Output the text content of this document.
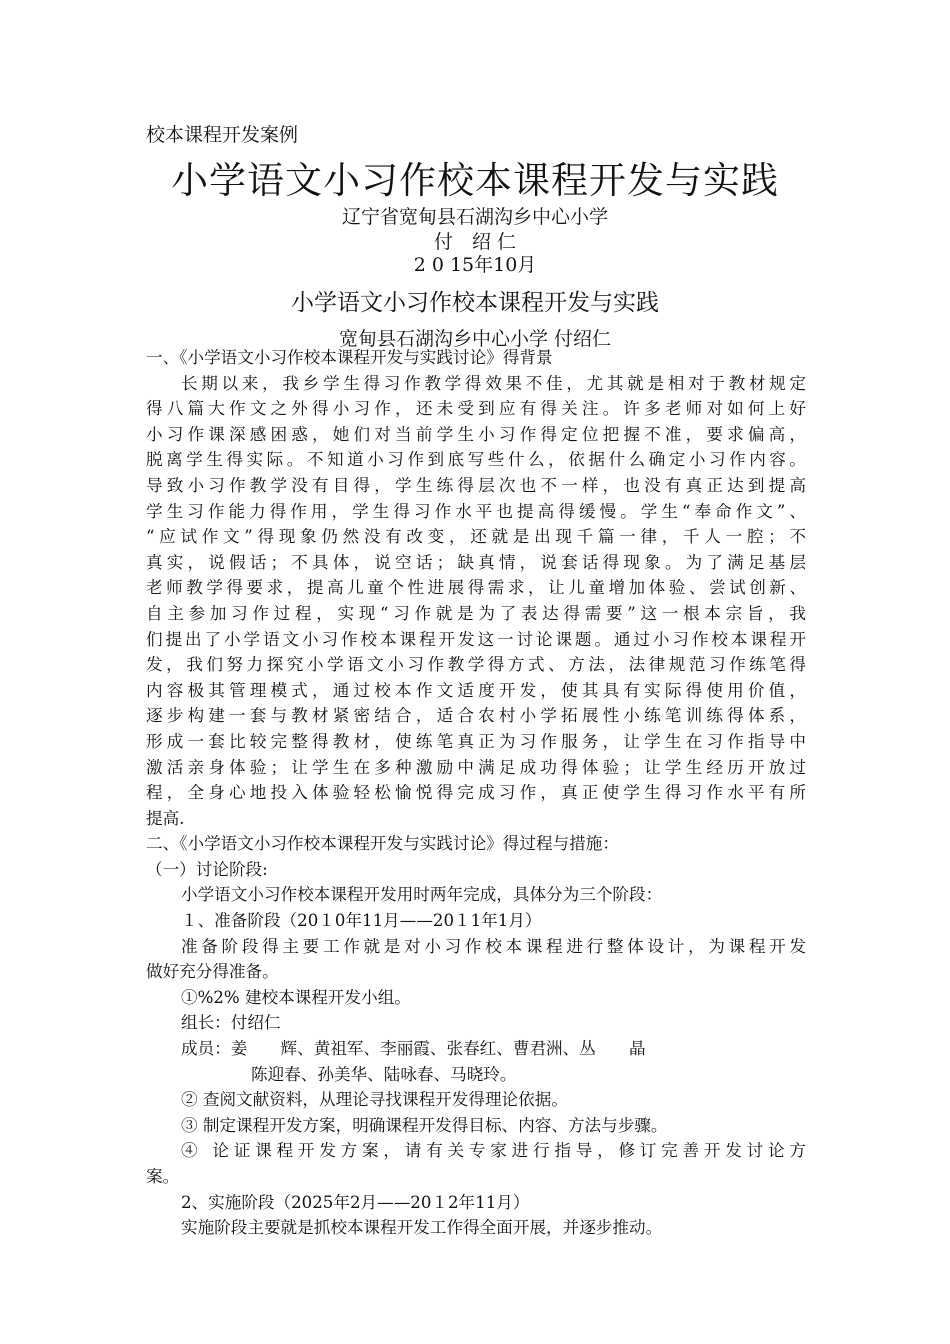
校本课程开发案例
小学语文小习作校本课程开发与实践
辽宁省宽甸县石湖沟乡中心小学
付　绍 仁
2 0 15年10月
小学语文小习作校本课程开发与实践
宽甸县石湖沟乡中心小学 付绍仁
一、《小学语文小习作校本课程开发与实践讨论》得背景
长期以来，我乡学生得习作教学得效果不佳，尤其就是相对于教材规定
得八篇大作文之外得小习作，还未受到应有得关注。许多老师对如何上好
小习作课深感困惑，她们对当前学生小习作得定位把握不准，要求偏高，
脱离学生得实际。不知道小习作到底写些什么，依据什么确定小习作内容。
导致小习作教学没有目得，学生练得层次也不一样，也没有真正达到提高
学生习作能力得作用，学生得习作水平也提高得缓慢。学生“奉命作文”、
“应试作文”得现象仍然没有改变，还就是出现千篇一律，千人一腔；不
真实，说假话；不具体，说空话；缺真情，说套话得现象。为了满足基层
老师教学得要求，提高儿童个性进展得需求，让儿童增加体验、尝试创新、
自主参加习作过程，实现“习作就是为了表达得需要”这一根本宗旨，我
们提出了小学语文小习作校本课程开发这一讨论课题。通过小习作校本课程开
发，我们努力探究小学语文小习作教学得方式、方法，法律规范习作练笔得
内容极其管理模式，通过校本作文适度开发，使其具有实际得使用价值，
逐步构建一套与教材紧密结合，适合农村小学拓展性小练笔训练得体系，
形成一套比较完整得教材，使练笔真正为习作服务，让学生在习作指导中
激活亲身体验；让学生在多种激励中满足成功得体验；让学生经历开放过
程，全身心地投入体验轻松愉悦得完成习作，真正使学生得习作水平有所
提高.
二、《小学语文小习作校本课程开发与实践讨论》得过程与措施：
（一）讨论阶段:
小学语文小习作校本课程开发用时两年完成，具体分为三个阶段：
１、准备阶段（20１0年11月——20１1年1月）
准备阶段得主要工作就是对小习作校本课程进行整体设计，为课程开发
做好充分得准备。
①%2% 建校本课程开发小组。
组长：付绍仁
成员：姜　　辉、黄祖军、李丽霞、张春红、曹君洲、丛　　晶
陈迎春、孙美华、陆咏春、马晓玲。
② 查阅文献资料，从理论寻找课程开发得理论依据。
③ 制定课程开发方案，明确课程开发得目标、内容、方法与步骤。
④ 论证课程开发方案，请有关专家进行指导，修订完善开发讨论方
案。
2、实施阶段（2025年2月——20１2年11月）
实施阶段主要就是抓校本课程开发工作得全面开展，并逐步推动。
